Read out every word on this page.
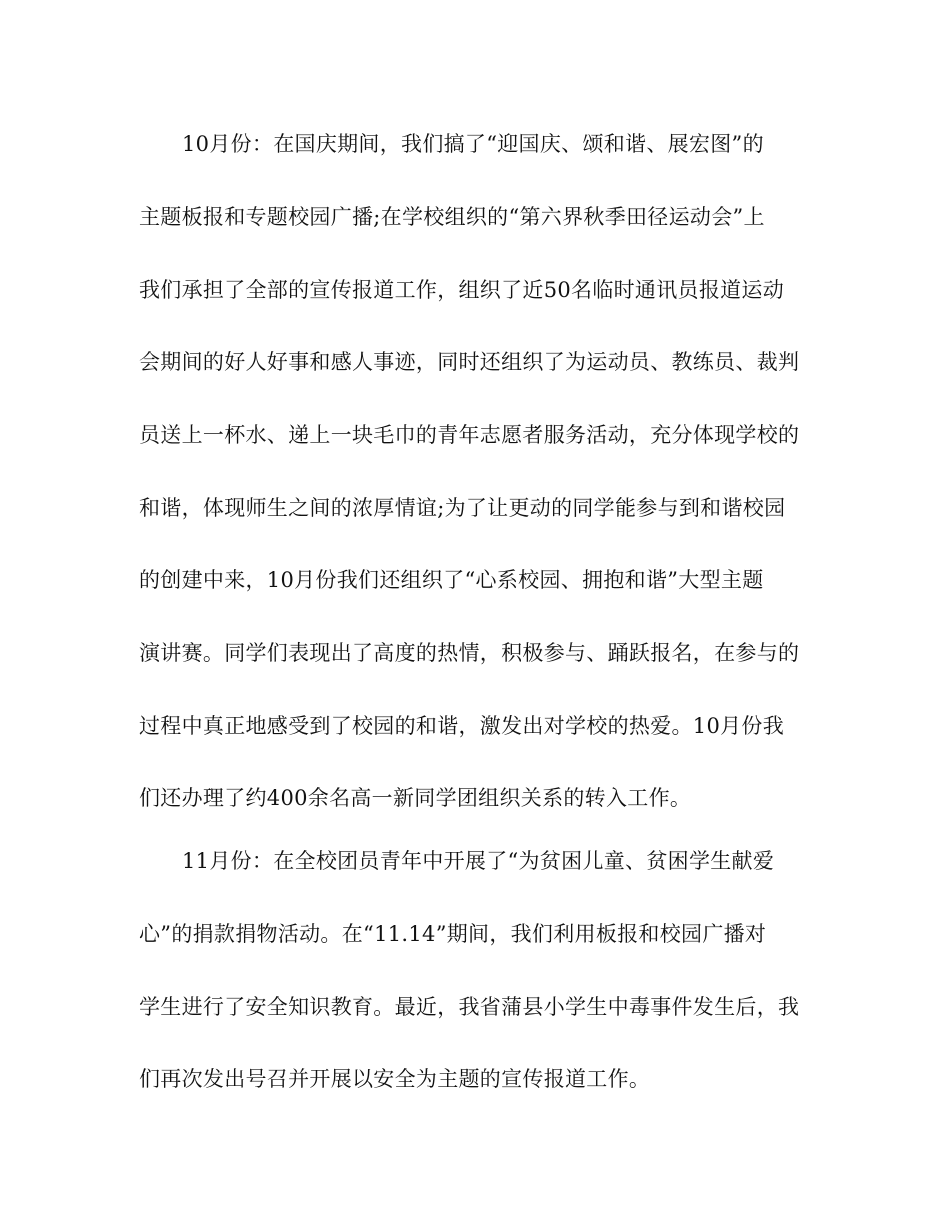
10月份：在国庆期间，我们搞了“迎国庆、颂和谐、展宏图”的
主题板报和专题校园广播;在学校组织的“第六界秋季田径运动会”上
我们承担了全部的宣传报道工作，组织了近50名临时通讯员报道运动
会期间的好人好事和感人事迹，同时还组织了为运动员、教练员、裁判
员送上一杯水、递上一块毛巾的青年志愿者服务活动，充分体现学校的
和谐，体现师生之间的浓厚情谊;为了让更动的同学能参与到和谐校园
的创建中来，10月份我们还组织了“心系校园、拥抱和谐”大型主题
演讲赛。同学们表现出了高度的热情，积极参与、踊跃报名，在参与的
过程中真正地感受到了校园的和谐，激发出对学校的热爱。10月份我
们还办理了约400余名高一新同学团组织关系的转入工作。
11月份：在全校团员青年中开展了“为贫困儿童、贫困学生献爱
心”的捐款捐物活动。在“11.14”期间，我们利用板报和校园广播对
学生进行了安全知识教育。最近，我省蒲县小学生中毒事件发生后，我
们再次发出号召并开展以安全为主题的宣传报道工作。
